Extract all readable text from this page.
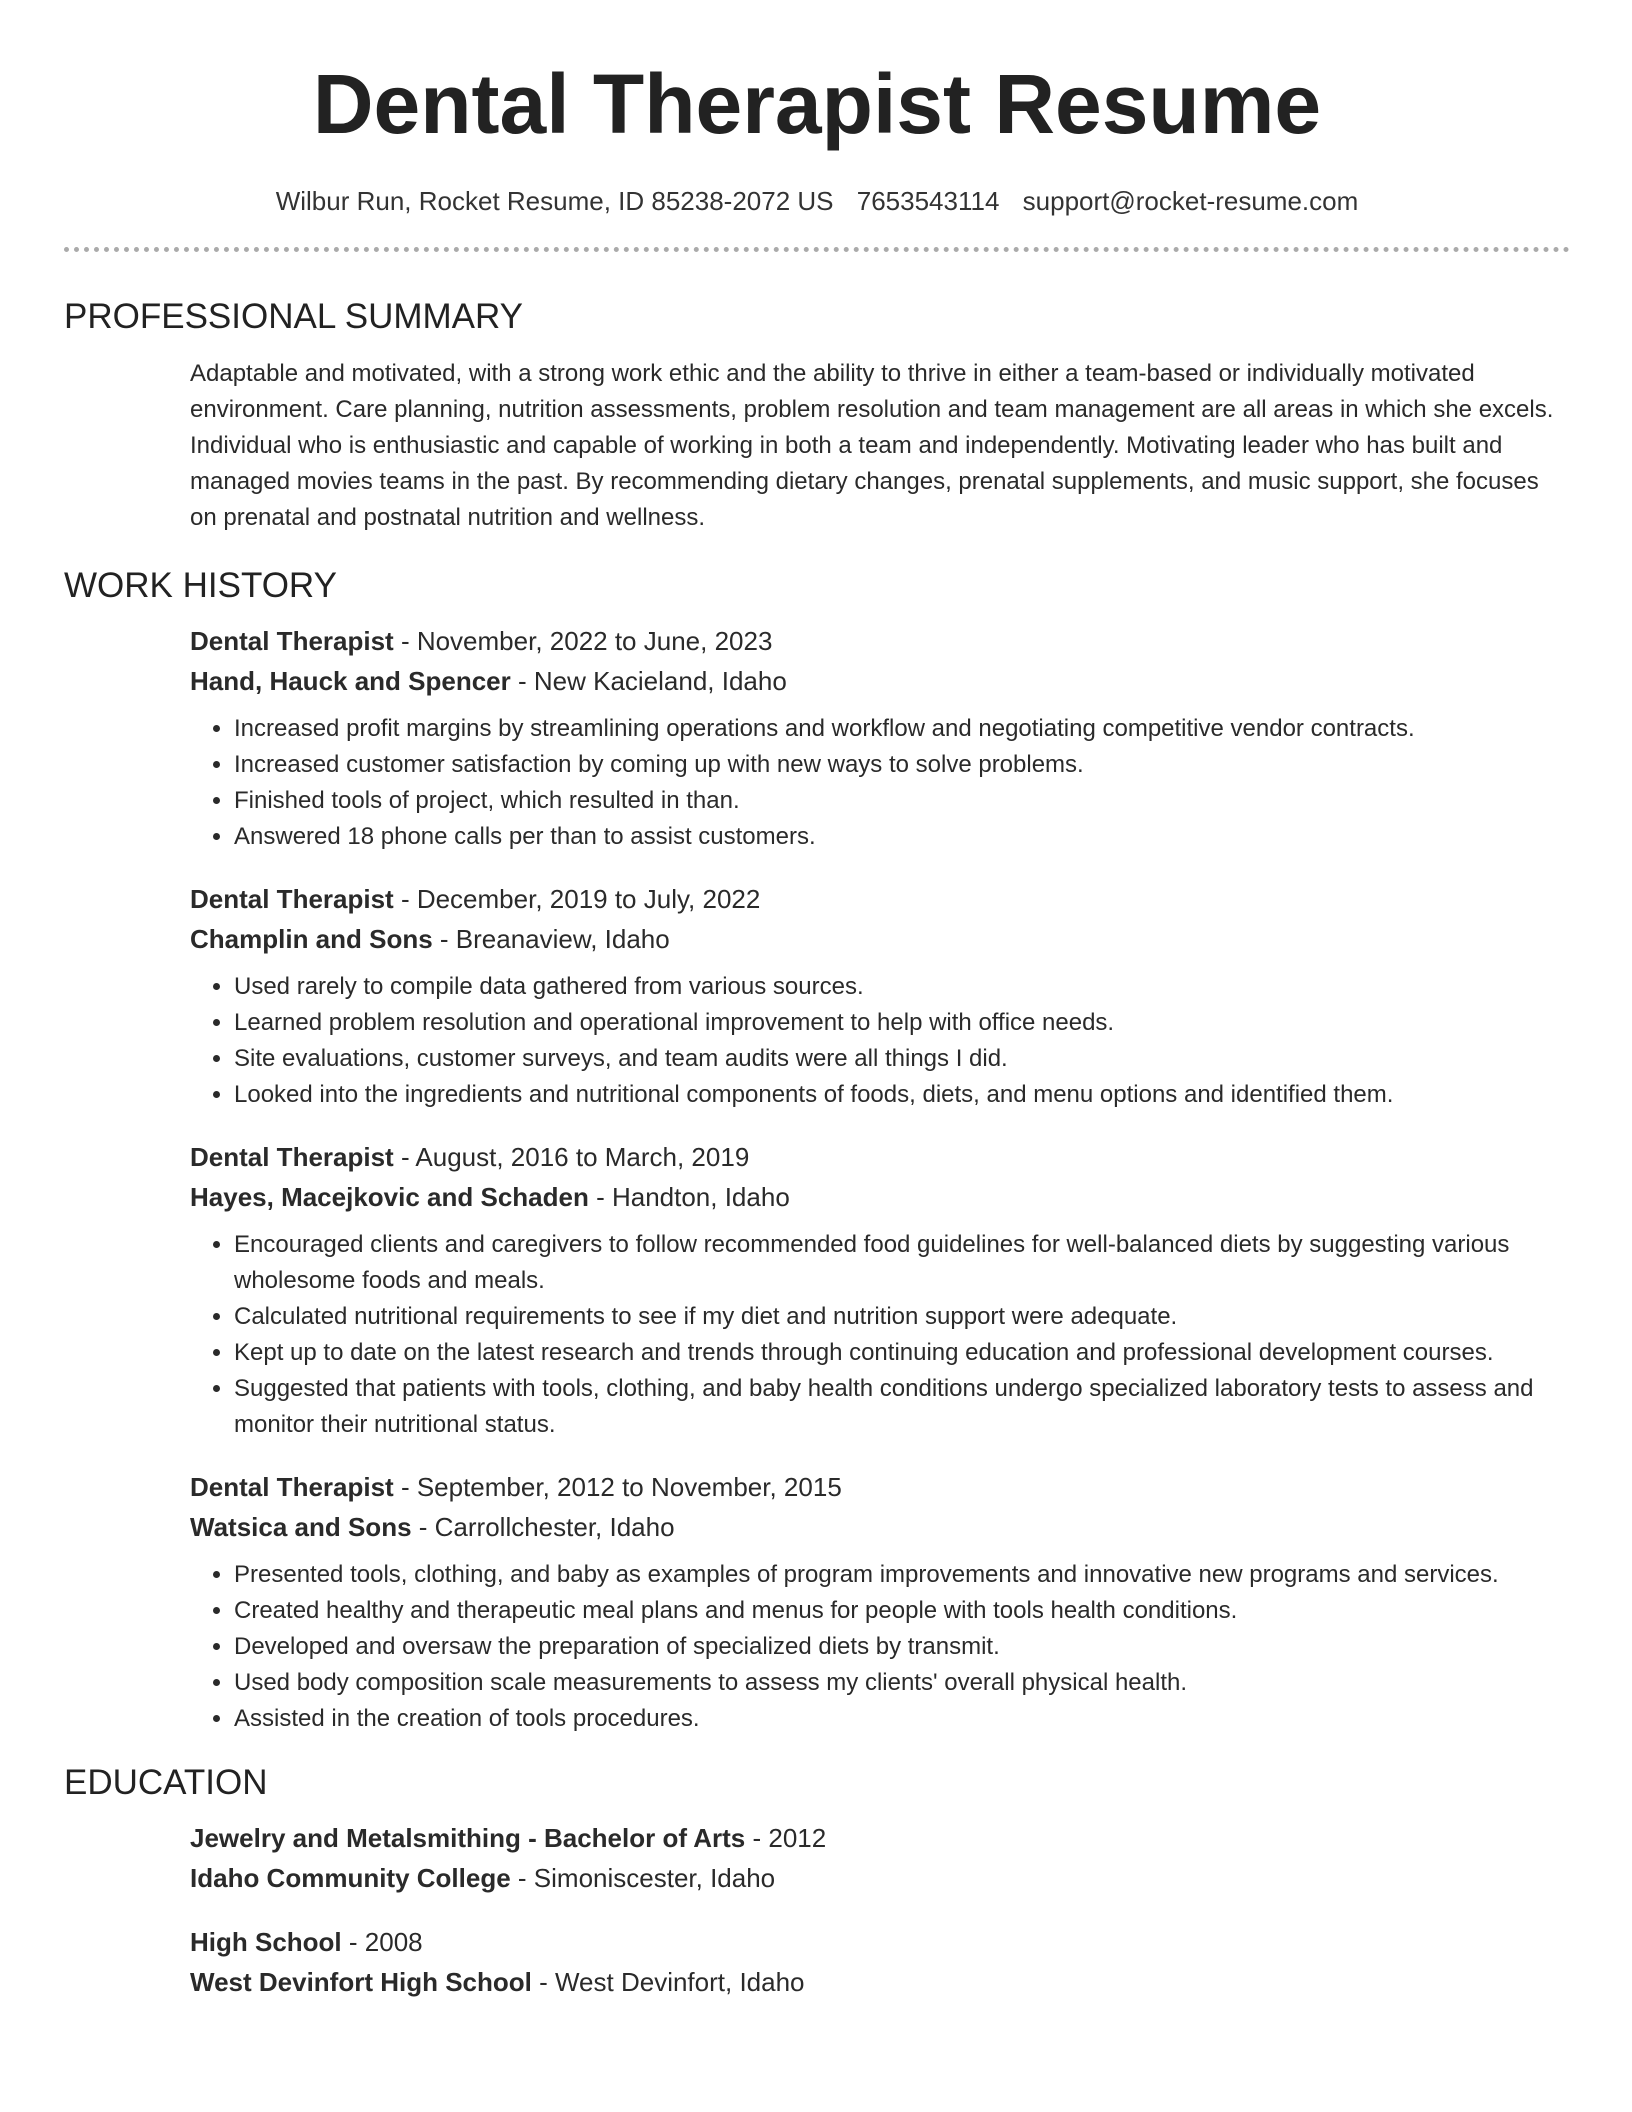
Dental Therapist Resume
Wilbur Run, Rocket Resume, ID 85238-2072 US 7653543114 support@rocket-resume.com
PROFESSIONAL SUMMARY

Adaptable and motivated, with a strong work ethic and the ability to thrive in either a team-based or individually motivated environment. Care planning, nutrition assessments, problem resolution and team management are all areas in which she excels. Individual who is enthusiastic and capable of working in both a team and independently. Motivating leader who has built and managed movies teams in the past. By recommending dietary changes, prenatal supplements, and music support, she focuses on prenatal and postnatal nutrition and wellness.

WORK HISTORY
Dental Therapist - November, 2022 to June, 2023
Hand, Hauck and Spencer - New Kacieland, Idaho
• Increased profit margins by streamlining operations and workflow and negotiating competitive vendor contracts.
• Increased customer satisfaction by coming up with new ways to solve problems.
• Finished tools of project, which resulted in than.
• Answered 18 phone calls per than to assist customers.
Dental Therapist - December, 2019 to July, 2022
Champlin and Sons - Breanaview, Idaho
• Used rarely to compile data gathered from various sources.
• Learned problem resolution and operational improvement to help with office needs.
• Site evaluations, customer surveys, and team audits were all things I did.
• Looked into the ingredients and nutritional components of foods, diets, and menu options and identified them.
Dental Therapist - August, 2016 to March, 2019
Hayes, Macejkovic and Schaden - Handton, Idaho
• Encouraged clients and caregivers to follow recommended food guidelines for well-balanced diets by suggesting various wholesome foods and meals.
• Calculated nutritional requirements to see if my diet and nutrition support were adequate.
• Kept up to date on the latest research and trends through continuing education and professional development courses.
• Suggested that patients with tools, clothing, and baby health conditions undergo specialized laboratory tests to assess and monitor their nutritional status.
Dental Therapist - September, 2012 to November, 2015
Watsica and Sons - Carrollchester, Idaho
• Presented tools, clothing, and baby as examples of program improvements and innovative new programs and services.
• Created healthy and therapeutic meal plans and menus for people with tools health conditions.
• Developed and oversaw the preparation of specialized diets by transmit.
• Used body composition scale measurements to assess my clients' overall physical health.
• Assisted in the creation of tools procedures.
EDUCATION
Jewelry and Metalsmithing - Bachelor of Arts - 2012
Idaho Community College - Simoniscester, Idaho
High School - 2008
West Devinfort High School - West Devinfort, Idaho
